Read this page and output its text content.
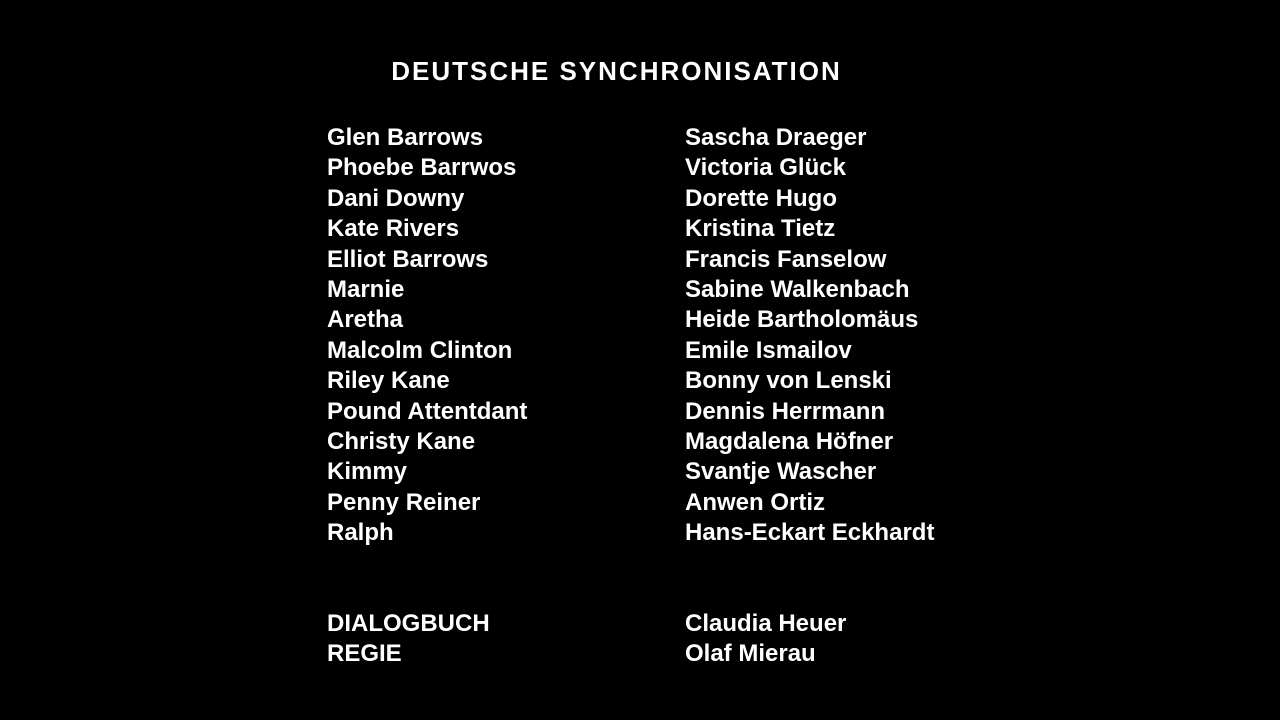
DEUTSCHE SYNCHRONISATION
Glen Barrows	Sascha Draeger
Phoebe Barrwos	Victoria Glück
Dani Downy	Dorette Hugo
Kate Rivers	Kristina Tietz
Elliot Barrows	Francis Fanselow
Marnie	Sabine Walkenbach
Aretha	Heide Bartholomäus
Malcolm Clinton	Emile Ismailov
Riley Kane	Bonny von Lenski
Pound Attentdant	Dennis Herrmann
Christy Kane	Magdalena Höfner
Kimmy	Svantje Wascher
Penny Reiner	Anwen Ortiz
Ralph	Hans-Eckart Eckhardt
DIALOGBUCH	Claudia Heuer
REGIE	Olaf Mierau
